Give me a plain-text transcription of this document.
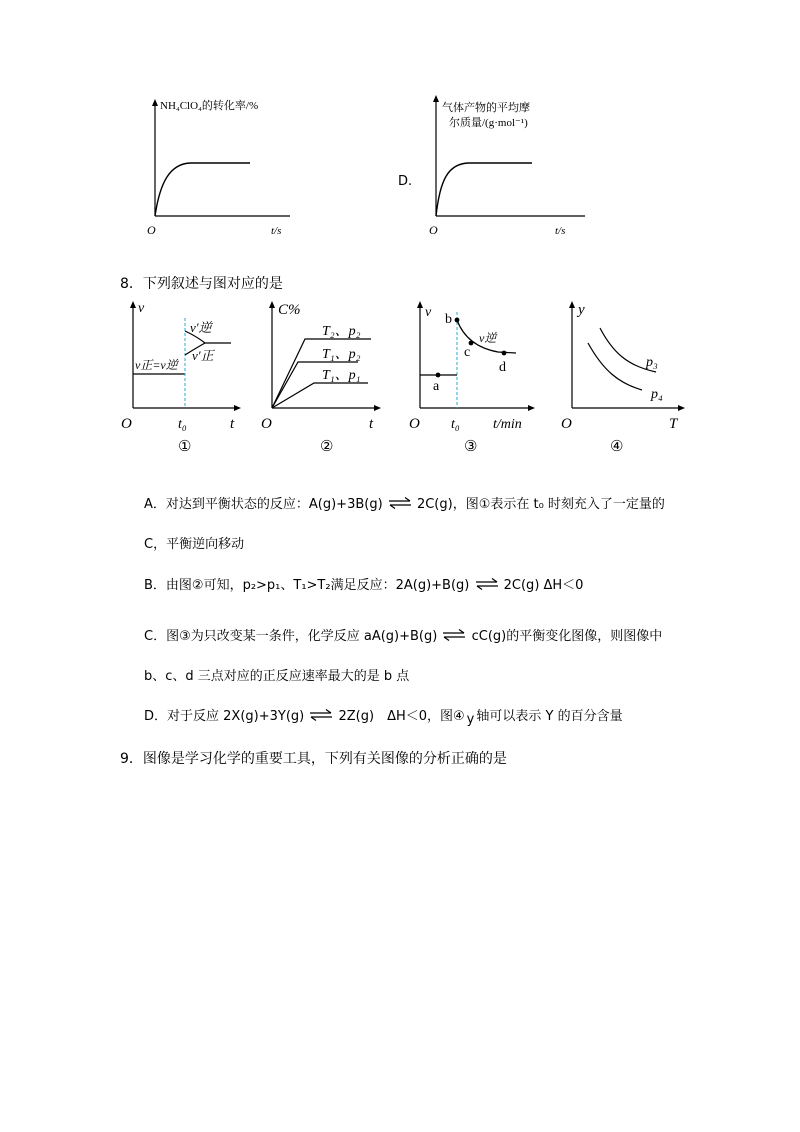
NH₄ClO₄的转化率/%
O	t/s
D.
气体产物的平均摩
尔质量/(g·mol⁻¹)
O	t/s
8．下列叙述与图对应的是
v
v′逆
v′正
v正=v逆
O	t₀	t
①
C%
T₂、p₂
T₁、p₂
T₁、p₁
O	t
②
v b
c
d
a
v逆
O t₀ t/min
③
y
p₃
p₄
O	T
④
A．对达到平衡状态的反应：A(g)+3B(g) ⇌ 2C(g)，图①表示在 t₀ 时刻充入了一定量的
C，平衡逆向移动
B．由图②可知，p₂>p₁、T₁>T₂满足反应：2A(g)+B(g) ⇌ 2C(g) ΔH＜0
C．图③为只改变某一条件，化学反应 aA(g)+B(g) ⇌ cC(g)的平衡变化图像，则图像中
b、c、d 三点对应的正反应速率最大的是 b 点
D．对于反应 2X(g)+3Y(g) ⇌ 2Z(g)　ΔH＜0，图④ y 轴可以表示 Y 的百分含量
9．图像是学习化学的重要工具，下列有关图像的分析正确的是
